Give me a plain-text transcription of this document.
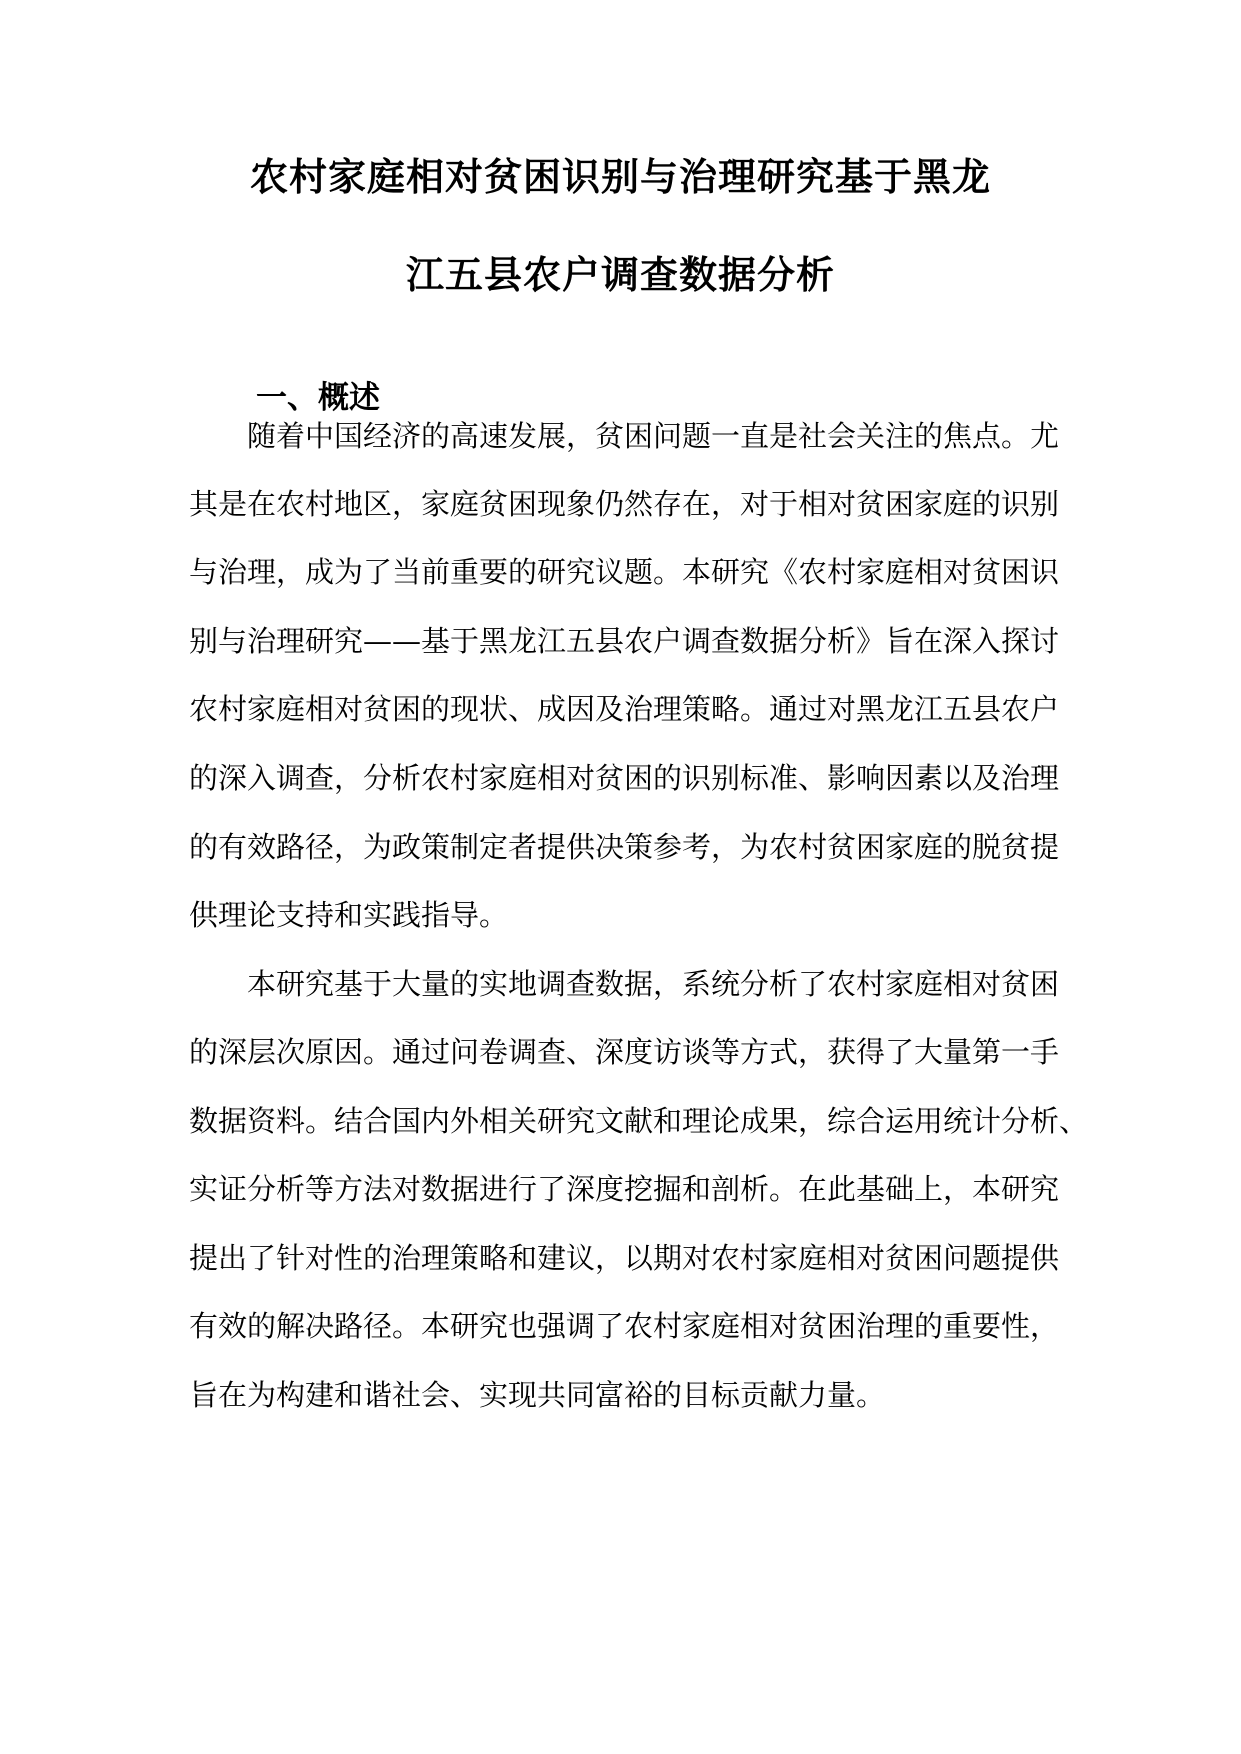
农村家庭相对贫困识别与治理研究基于黑龙
江五县农户调查数据分析
一、概述
随着中国经济的高速发展，贫困问题一直是社会关注的焦点。尤
其是在农村地区，家庭贫困现象仍然存在，对于相对贫困家庭的识别
与治理，成为了当前重要的研究议题。本研究《农村家庭相对贫困识
别与治理研究——基于黑龙江五县农户调查数据分析》旨在深入探讨
农村家庭相对贫困的现状、成因及治理策略。通过对黑龙江五县农户
的深入调查，分析农村家庭相对贫困的识别标准、影响因素以及治理
的有效路径，为政策制定者提供决策参考，为农村贫困家庭的脱贫提
供理论支持和实践指导。
本研究基于大量的实地调查数据，系统分析了农村家庭相对贫困
的深层次原因。通过问卷调查、深度访谈等方式，获得了大量第一手
数据资料。结合国内外相关研究文献和理论成果，综合运用统计分析、
实证分析等方法对数据进行了深度挖掘和剖析。在此基础上，本研究
提出了针对性的治理策略和建议，以期对农村家庭相对贫困问题提供
有效的解决路径。本研究也强调了农村家庭相对贫困治理的重要性，
旨在为构建和谐社会、实现共同富裕的目标贡献力量。
